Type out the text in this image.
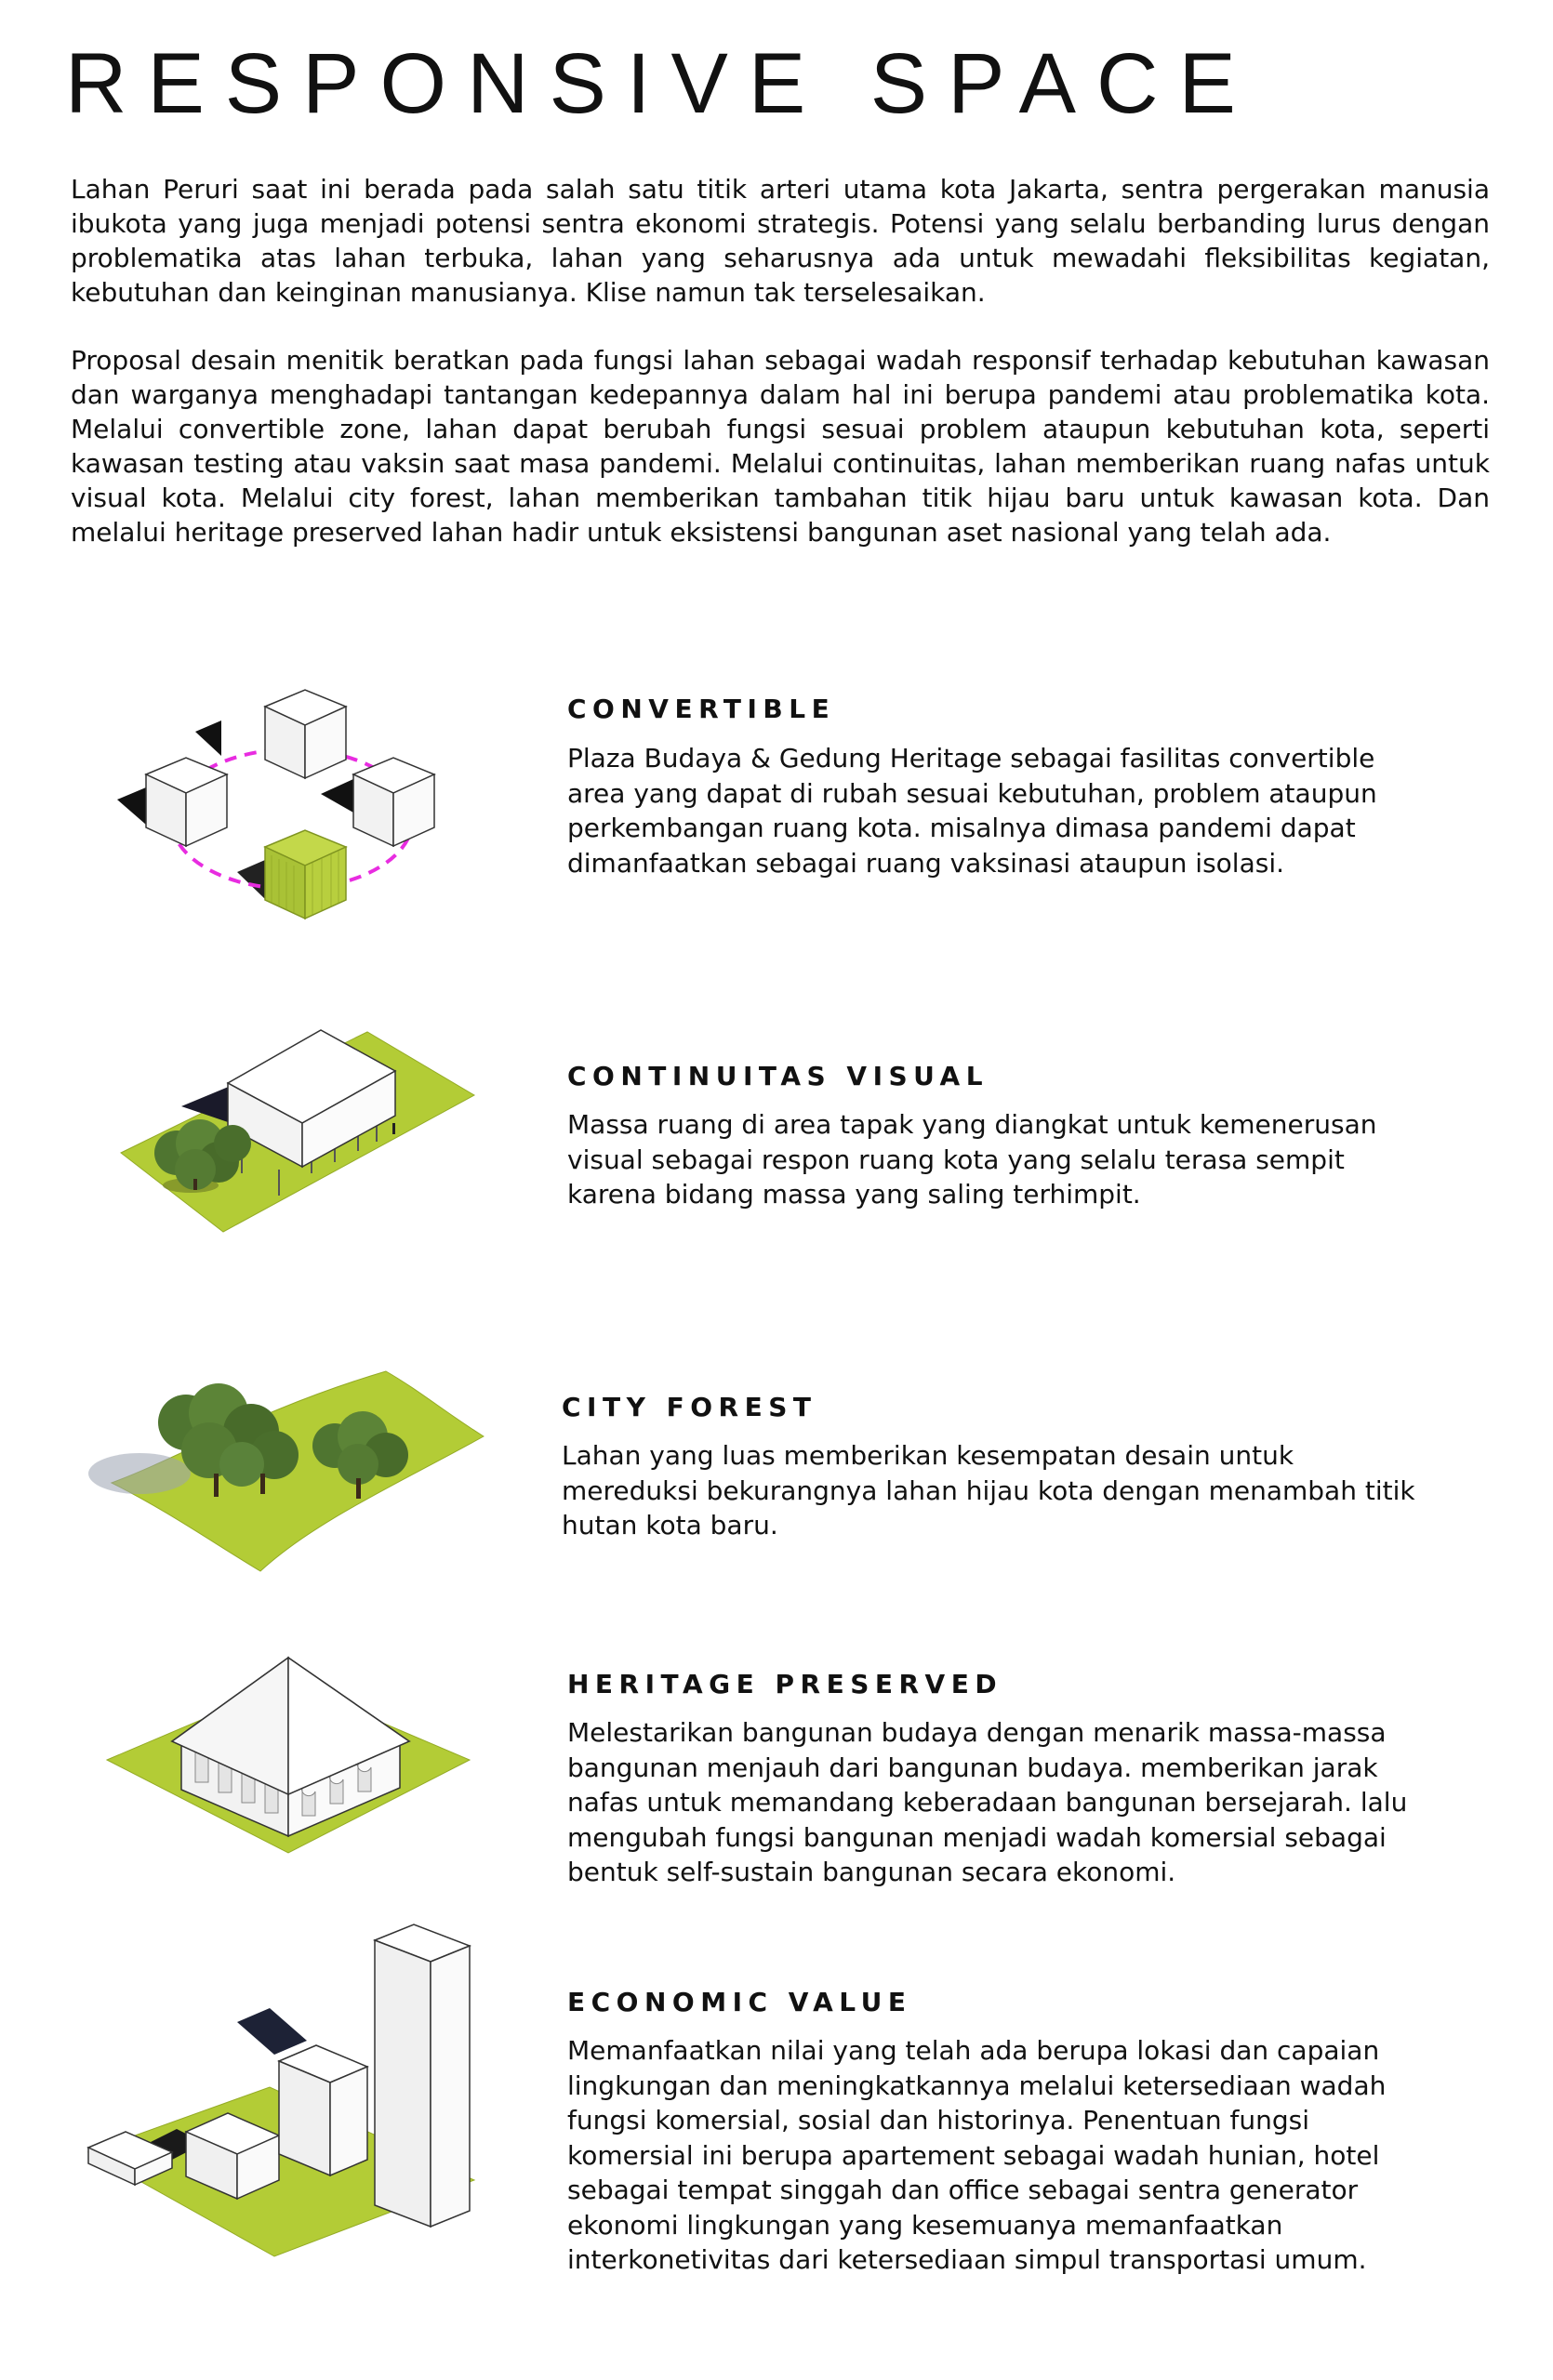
RESPONSIVE SPACE

Lahan Peruri saat ini berada pada salah satu titik arteri utama kota Jakarta, sentra pergerakan manusia ibukota yang juga menjadi potensi sentra ekonomi strategis. Potensi yang selalu berbanding lurus dengan problematika atas lahan terbuka, lahan yang seharusnya ada untuk mewadahi fleksibilitas kegiatan, kebutuhan dan keinginan manusianya. Klise namun tak terselesaikan.

Proposal desain menitik beratkan pada fungsi lahan sebagai wadah responsif terhadap kebutuhan kawasan dan warganya menghadapi tantangan kedepannya dalam hal ini berupa pandemi atau problematika kota. Melalui convertible zone, lahan dapat berubah fungsi sesuai problem ataupun kebutuhan kota, seperti kawasan testing atau vaksin saat masa pandemi. Melalui continuitas, lahan memberikan ruang nafas untuk visual kota. Melalui city forest, lahan memberikan tambahan titik hijau baru untuk kawasan kota. Dan melalui heritage preserved lahan hadir untuk eksistensi bangunan aset nasional yang telah ada.

CONVERTIBLE

Plaza Budaya & Gedung Heritage sebagai fasilitas convertible area yang dapat di rubah sesuai kebutuhan, problem ataupun perkembangan ruang kota. misalnya dimasa pandemi dapat dimanfaatkan sebagai ruang vaksinasi ataupun isolasi.

CONTINUITAS VISUAL

Massa ruang di area tapak yang diangkat untuk kemenerusan visual sebagai respon ruang kota yang selalu terasa sempit karena bidang massa yang saling terhimpit.

CITY FOREST

Lahan yang luas memberikan kesempatan desain untuk mereduksi bekurangnya lahan hijau kota dengan menambah titik hutan kota baru.

HERITAGE PRESERVED

Melestarikan bangunan budaya dengan menarik massa-massa bangunan menjauh dari bangunan budaya. memberikan jarak nafas untuk memandang keberadaan bangunan bersejarah. lalu mengubah fungsi bangunan menjadi wadah komersial sebagai bentuk self-sustain bangunan secara ekonomi.

ECONOMIC VALUE

Memanfaatkan nilai yang telah ada berupa lokasi dan capaian lingkungan dan meningkatkannya melalui ketersediaan wadah fungsi komersial, sosial dan historinya. Penentuan fungsi komersial ini berupa apartement sebagai wadah hunian, hotel sebagai tempat singgah dan office sebagai sentra generator ekonomi lingkungan yang kesemuanya memanfaatkan interkonetivitas dari ketersediaan simpul transportasi umum.
